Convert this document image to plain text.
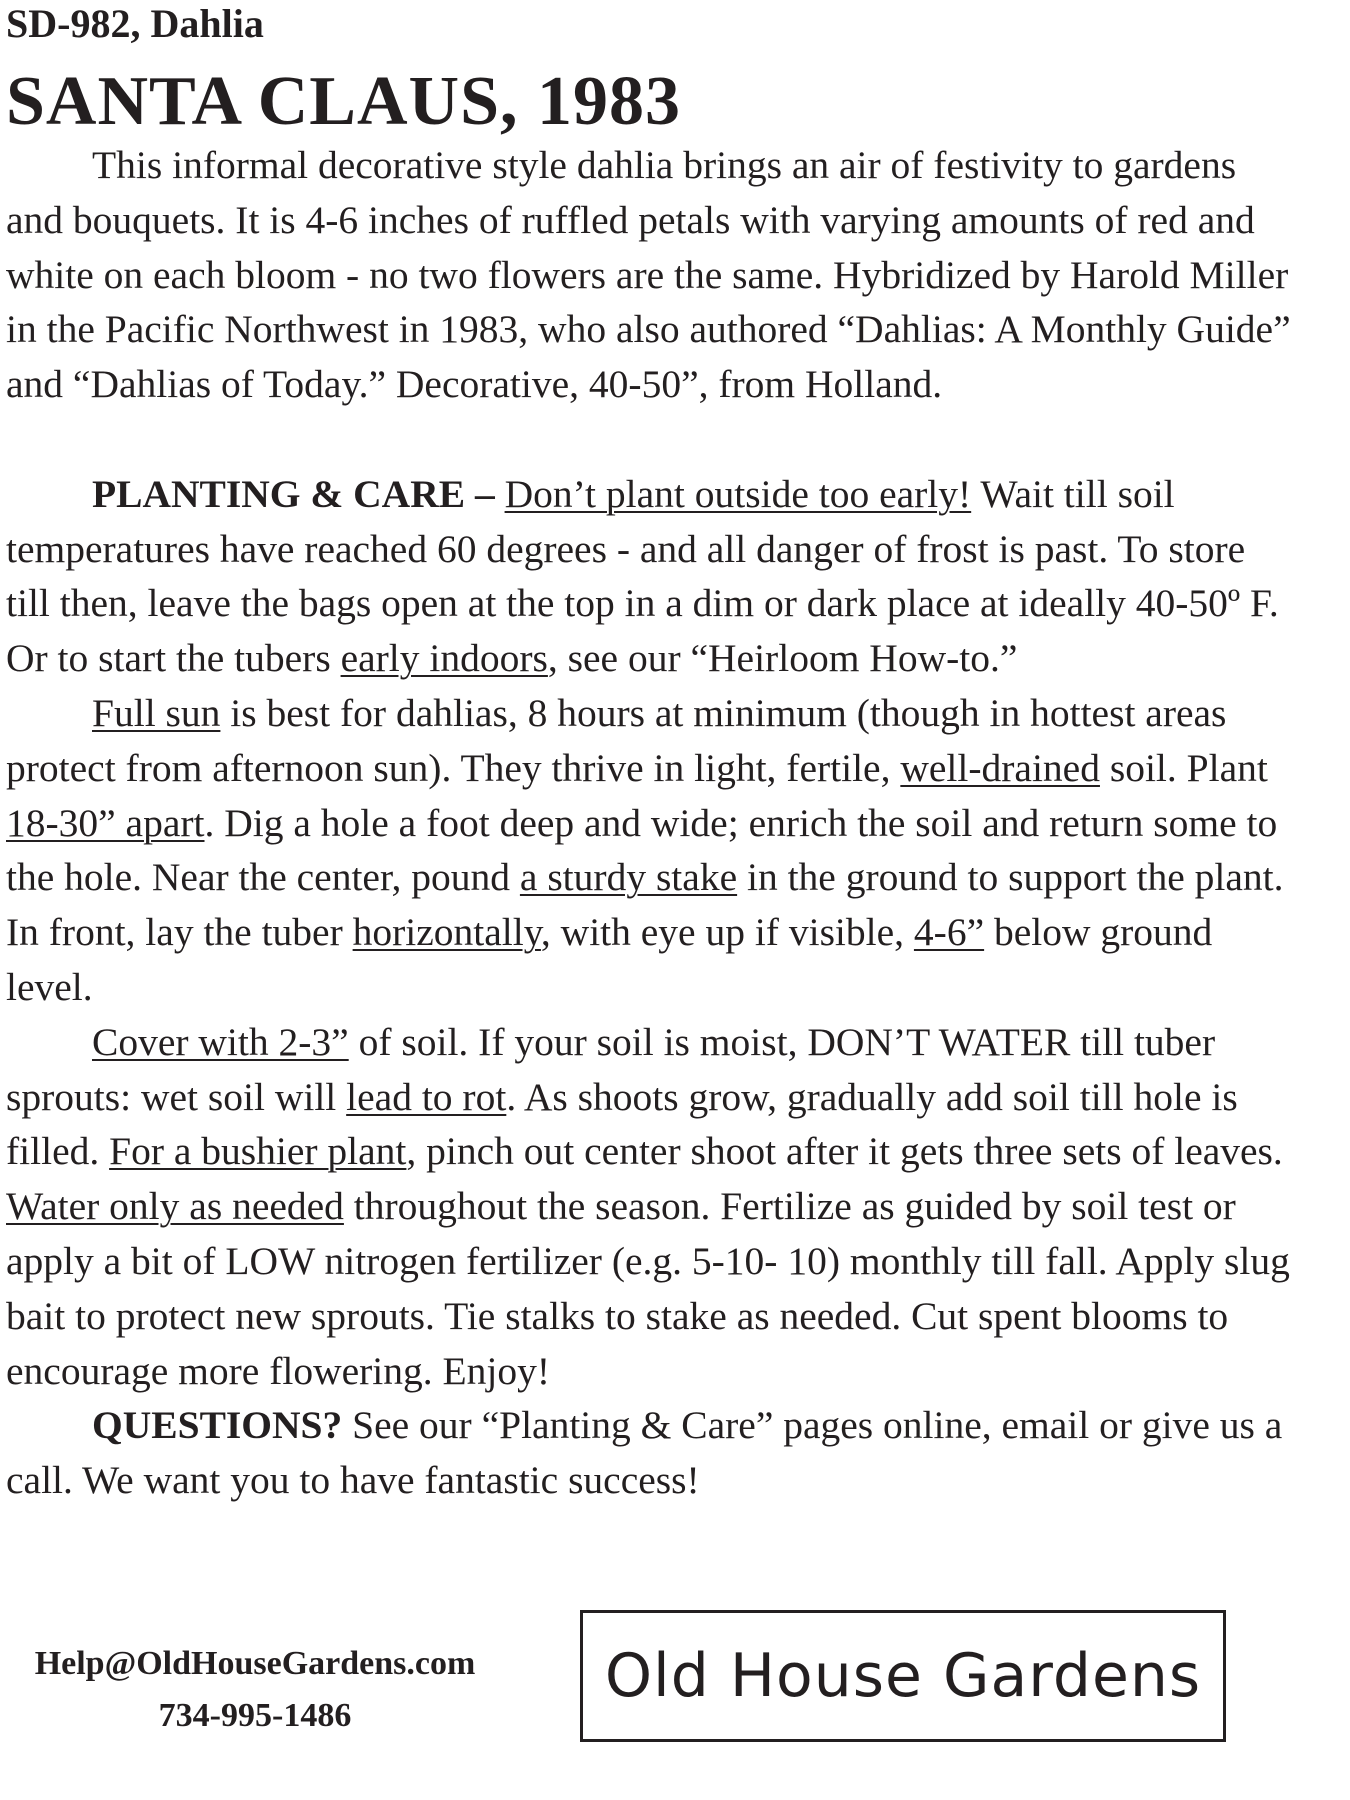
SD-982, Dahlia
SANTA CLAUS, 1983

This informal decorative style dahlia brings an air of festivity to gardens and bouquets. It is 4-6 inches of ruffled petals with varying amounts of red and white on each bloom - no two flowers are the same. Hybridized by Harold Miller in the Pacific Northwest in 1983, who also authored “Dahlias: A Monthly Guide” and “Dahlias of Today.” Decorative, 40-50”, from Holland.

PLANTING & CARE – Don’t plant outside too early! Wait till soil temperatures have reached 60 degrees - and all danger of frost is past. To store till then, leave the bags open at the top in a dim or dark place at ideally 40-50º F. Or to start the tubers early indoors, see our “Heirloom How-to.”

Full sun is best for dahlias, 8 hours at minimum (though in hottest areas protect from afternoon sun). They thrive in light, fertile, well-drained soil. Plant 18-30” apart. Dig a hole a foot deep and wide; enrich the soil and return some to the hole. Near the center, pound a sturdy stake in the ground to support the plant. In front, lay the tuber horizontally, with eye up if visible, 4-6” below ground level.

Cover with 2-3” of soil. If your soil is moist, DON’T WATER till tuber sprouts: wet soil will lead to rot. As shoots grow, gradually add soil till hole is filled. For a bushier plant, pinch out center shoot after it gets three sets of leaves. Water only as needed throughout the season. Fertilize as guided by soil test or apply a bit of LOW nitrogen fertilizer (e.g. 5-10- 10) monthly till fall. Apply slug bait to protect new sprouts. Tie stalks to stake as needed. Cut spent blooms to encourage more flowering. Enjoy!

QUESTIONS? See our “Planting & Care” pages online, email or give us a call. We want you to have fantastic success!

Help@OldHouseGardens.com
734-995-1486
Old House Gardens
